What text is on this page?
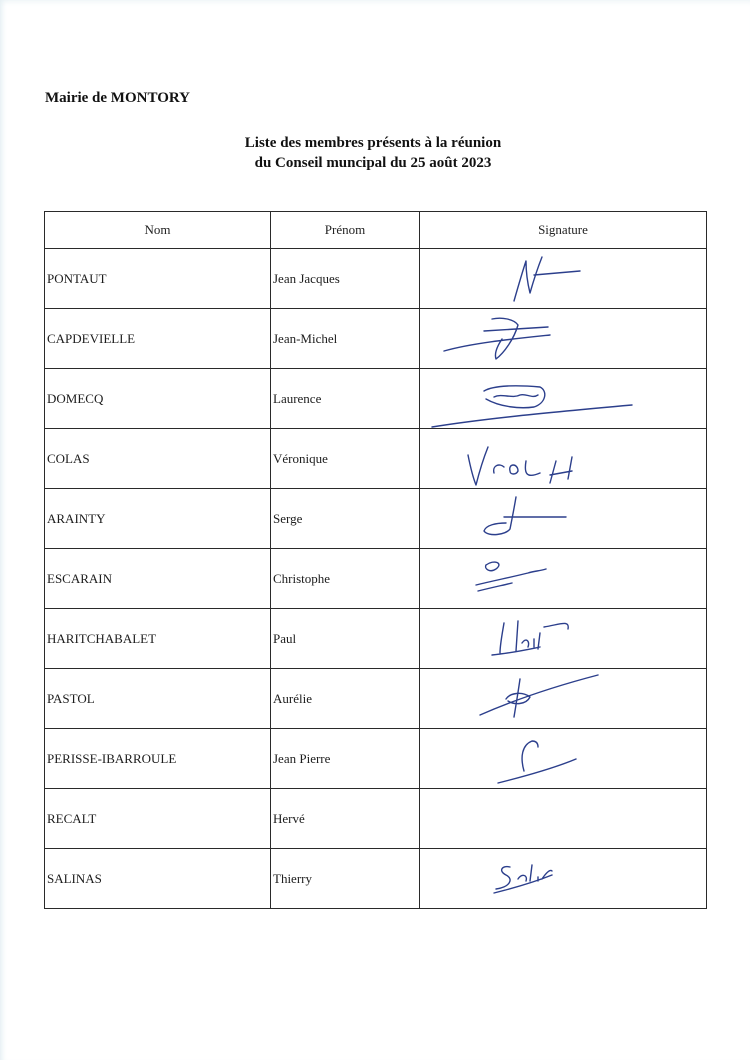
Mairie de MONTORY
Liste des membres présents à la réunion
du Conseil muncipal du 25 août 2023
Nom	Prénom	Signature
PONTAUT	Jean Jacques	

CAPDEVIELLE	Jean-Michel	

DOMECQ	Laurence	

COLAS	Véronique	

ARAINTY	Serge	

ESCARAIN	Christophe	

HARITCHABALET	Paul	

PASTOL	Aurélie	

PERISSE-IBARROULE	Jean Pierre	

RECALT	Hervé	
SALINAS	Thierry	
